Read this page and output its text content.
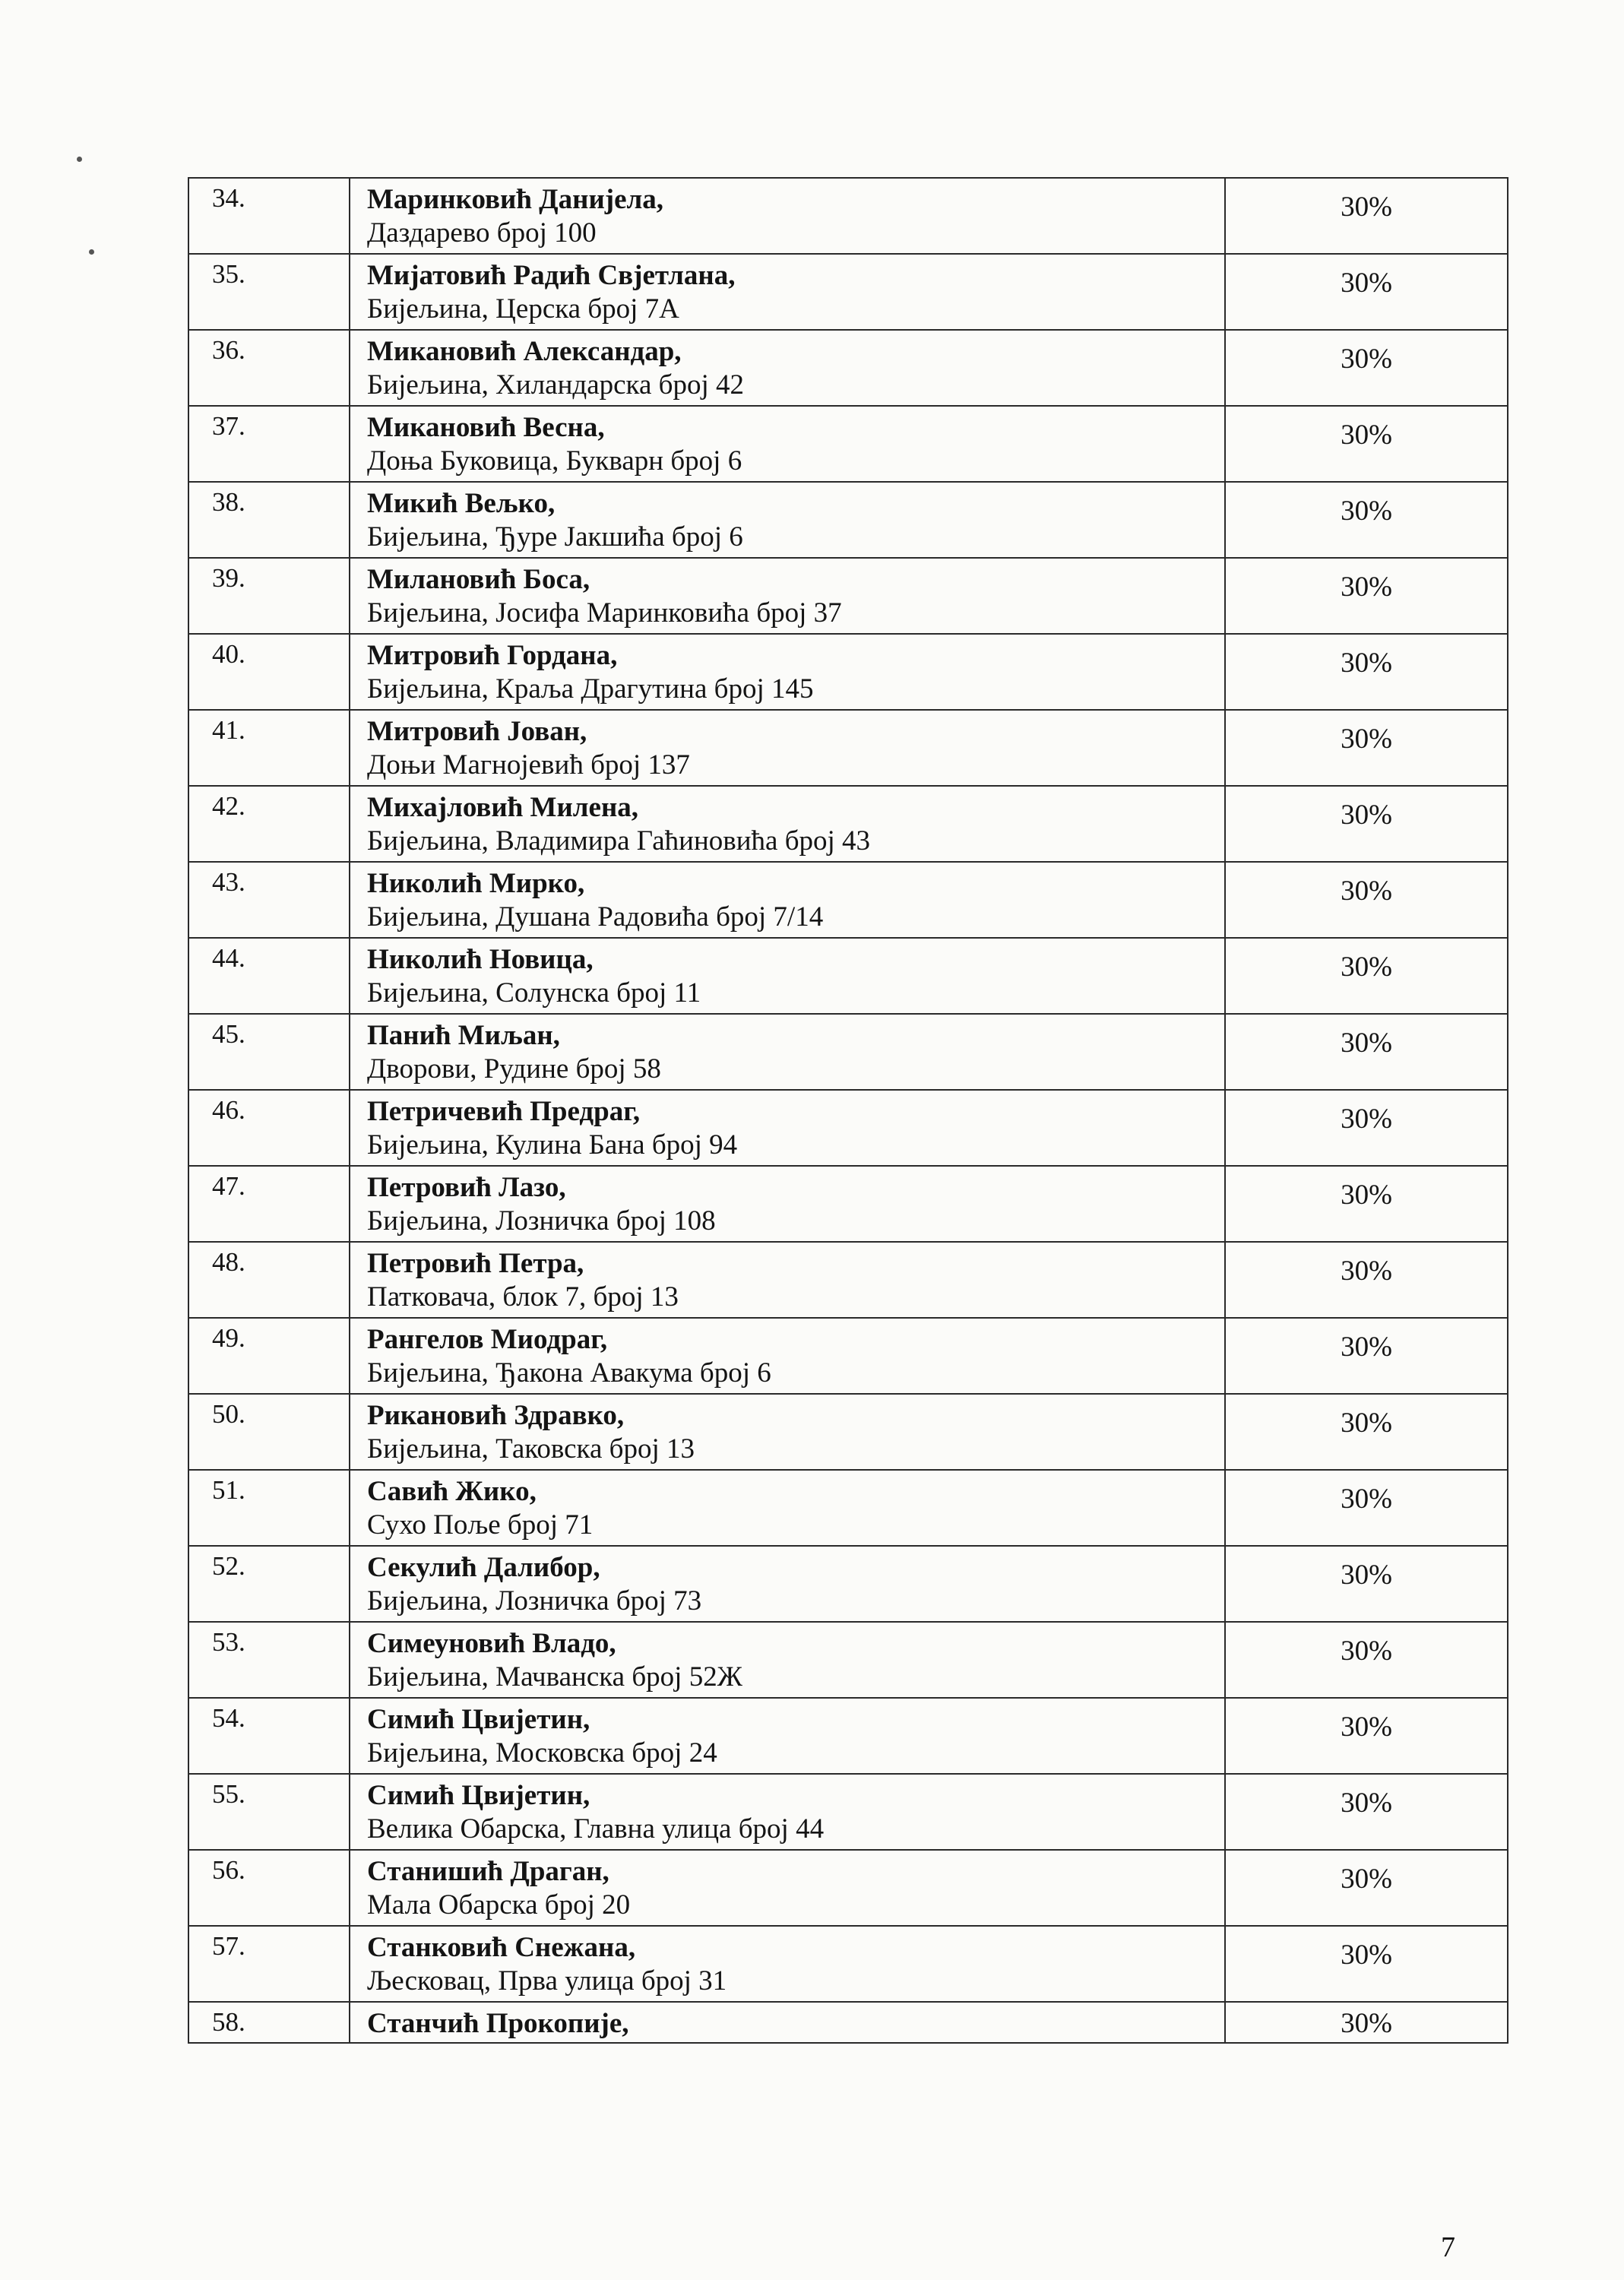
34.	Маринковић Данијела,
Даздарево број 100	30%
35.	Мијатовић Радић Свјетлана,
Бијељина, Церска број 7А	30%
36.	Микановић Александар,
Бијељина, Хиландарска број 42	30%
37.	Микановић Весна,
Доња Буковица, Букварн број 6	30%
38.	Микић Вељко,
Бијељина, Ђуре Јакшића број 6	30%
39.	Милановић Боса,
Бијељина, Јосифа Маринковића број 37	30%
40.	Митровић Гордана,
Бијељина, Краља Драгутина број 145	30%
41.	Митровић Јован,
Доњи Магнојевић број 137	30%
42.	Михајловић Милена,
Бијељина, Владимира Гаћиновића број 43	30%
43.	Николић Мирко,
Бијељина, Душана Радовића број 7/14	30%
44.	Николић Новица,
Бијељина, Солунска број 11	30%
45.	Панић Миљан,
Дворови, Рудине број 58	30%
46.	Петричевић Предраг,
Бијељина, Кулина Бана број 94	30%
47.	Петровић Лазо,
Бијељина, Лозничка број 108	30%
48.	Петровић Петра,
Патковача, блок 7, број 13	30%
49.	Рангелов Миодраг,
Бијељина, Ђакона Авакума број 6	30%
50.	Рикановић Здравко,
Бијељина, Таковска број 13	30%
51.	Савић Жико,
Сухо Поље број 71	30%
52.	Секулић Далибор,
Бијељина, Лозничка број 73	30%
53.	Симеуновић Владо,
Бијељина, Мачванска број 52Ж	30%
54.	Симић Цвијетин,
Бијељина, Московска број 24	30%
55.	Симић Цвијетин,
Велика Обарска, Главна улица број 44	30%
56.	Станишић Драган,
Мала Обарска број 20	30%
57.	Станковић Снежана,
Љесковац, Прва улица број 31	30%
58.	Станчић Прокопије,	30%
7
